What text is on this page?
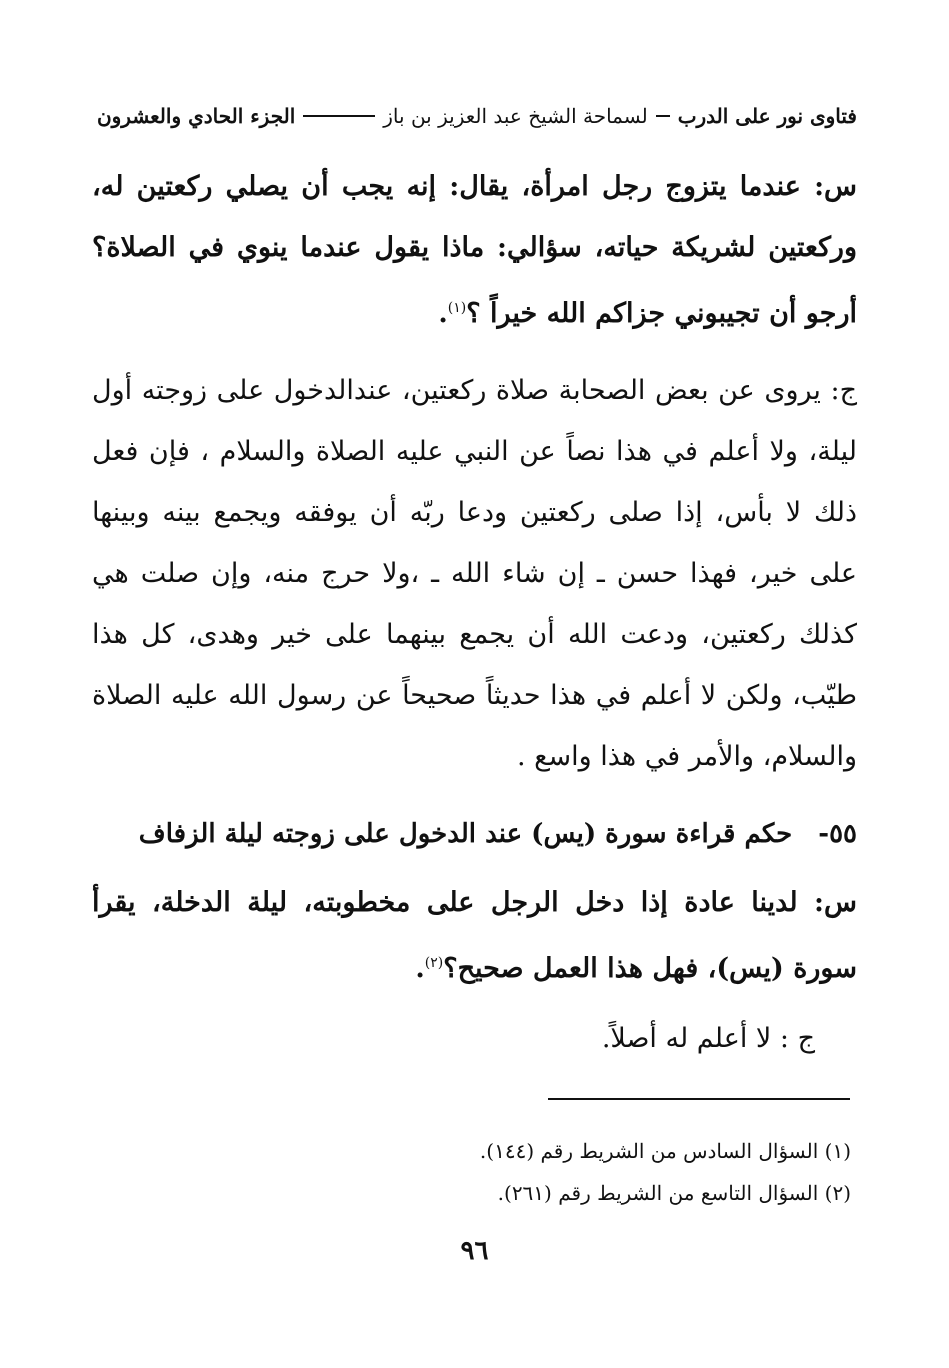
فتاوى نور على الدرب
لسماحة الشيخ عبد العزيز بن باز
الجزء الحادي والعشرون
س: عندما يتزوج رجل امرأة، يقال: إنه يجب أن يصلي ركعتين له، وركعتين لشريكة حياته، سؤالي: ماذا يقول عندما ينوي في الصلاة؟ أرجو أن تجيبوني جزاكم الله خيراً ؟$^{(١)}$.
ج: يروى عن بعض الصحابة صلاة ركعتين، عندالدخول على زوجته أول ليلة، ولا أعلم في هذا نصاً عن النبي عليه الصلاة والسلام ، فإن فعل ذلك لا بأس، إذا صلى ركعتين ودعا ربّه أن يوفقه ويجمع بينه وبينها على خير، فهذا حسن ـ إن شاء الله ـ ،ولا حرج منه، وإن صلت هي كذلك ركعتين، ودعت الله أن يجمع بينهما على خير وهدى، كل هذا طيّب، ولكن لا أعلم في هذا حديثاً صحيحاً عن رسول الله عليه الصلاة والسلام، والأمر في هذا واسع .
٥٥-
حكم قراءة سورة (يس) عند الدخول على زوجته ليلة الزفاف
س: لدينا عادة إذا دخل الرجل على مخطوبته، ليلة الدخلة، يقرأ سورة (يس)، فهل هذا العمل صحيح؟$^{(٢)}$.
ج : لا أعلم له أصلاً.
(١) السؤال السادس من الشريط رقم (١٤٤).
(٢) السؤال التاسع من الشريط رقم (٢٦١).
٩٦
